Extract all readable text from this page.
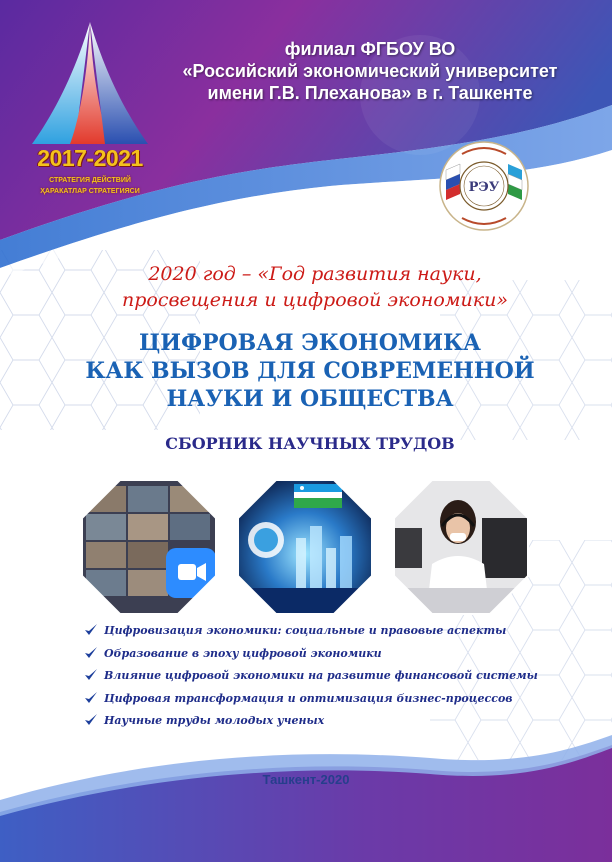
2017-2021
СТРАТЕГИЯ ДЕЙСТВИЙ
ҲАРАКАТЛАР СТРАТЕГИЯСИ
филиал ФГБОУ ВО
«Российский экономический университет
имени Г.В. Плеханова» в г. Ташкенте
РЭУ
2020 год – «Год развития науки,
просвещения и цифровой экономики»
ЦИФРОВАЯ ЭКОНОМИКА
КАК ВЫЗОВ ДЛЯ СОВРЕМЕННОЙ
НАУКИ И ОБЩЕСТВА
СБОРНИК НАУЧНЫХ ТРУДОВ
Цифровизация экономики: социальные и правовые аспекты
Образование в эпоху цифровой экономики
Влияние цифровой экономики на развитие финансовой системы
Цифровая трансформация и оптимизация бизнес-процессов
Научные труды молодых ученых
Ташкент-2020
